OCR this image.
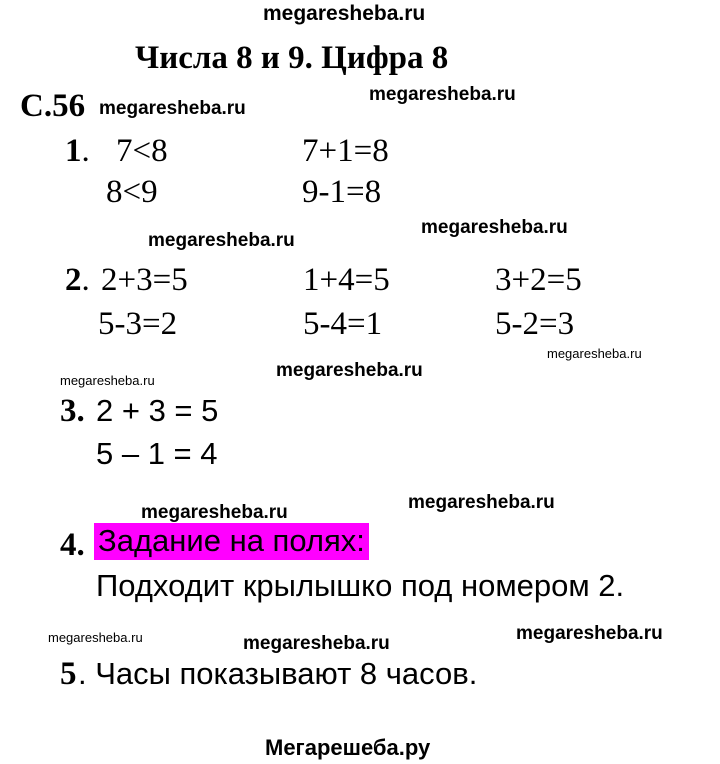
megaresheba.ru
megaresheba.ru
megaresheba.ru
megaresheba.ru
megaresheba.ru
megaresheba.ru
megaresheba.ru
megaresheba.ru
megaresheba.ru	megaresheba.ru
megaresheba.ru	megaresheba.ru	megaresheba.ru
Числа 8 и 9. Цифра 8
С.56
1. 7<8	7+1=8
8<9	9-1=8
2. 2+3=5	1+4=5	3+2=5
5-3=2	5-4=1	5-2=3
3. 2 + 3 = 5
5 – 1 = 4
4. Задание на полях:
Подходит крылышко под номером 2.
5 . Часы показывают 8 часов.
Мегарешеба.ру
